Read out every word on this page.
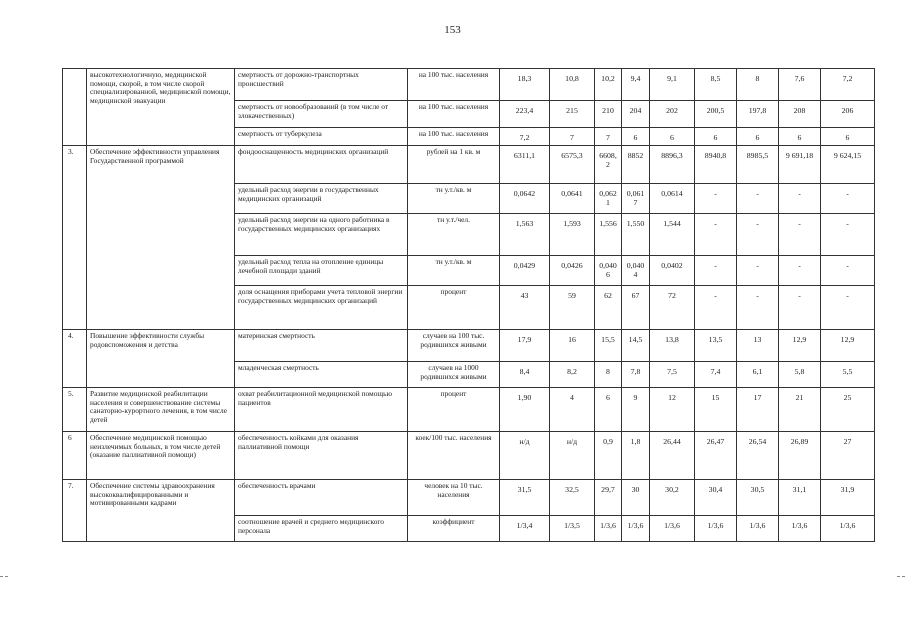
153
	высокотехнологичную, медицинской помощи, скорой, в том числе скорой специализированной, медицинской помощи, медицинской эвакуации	смертность от дорожно-транспортных происшествий	на 100 тыс. населения	18,3	10,8	10,2	9,4	9,1	8,5	8	7,6	7,2
		смертность от новообразований (в том числе от злокачественных)	на 100 тыс. населения	223,4	215	210	204	202	200,5	197,8	208	206
		смертность от туберкулеза	на 100 тыс. населения	7,2	7	7	6	6	6	6	6	6
3.	Обеспечение эффективности управления Государственной программой	фондооснащенность медицинских организаций	рублей на 1 кв. м	6311,1	6575,3	6608,2	8852	8896,3	8940,8	8985,5	9 691,18	9 624,15
		удельный расход энергии в государственных медицинских организаций	тн у.т./кв. м	0,0642	0,0641	0,0621	0,0617	0,0614	-	-	-	-
		удельный расход энергии на одного работника в государственных медицинских организациях	тн у.т./чел.	1,563	1,593	1,556	1,550	1,544	-	-	-	-
		удельный расход тепла на отопление единицы лечебной площади зданий	тн у.т./кв. м	0,0429	0,0426	0,0406	0,0404	0,0402	-	-	-	-
		доля оснащения приборами учета тепловой энергии государственных медицинских организаций	процент	43	59	62	67	72	-	-	-	-
4.	Повышение эффективности службы родовспоможения и детства	материнская смертность	случаев на 100 тыс. родившихся живыми	17,9	16	15,5	14,5	13,8	13,5	13	12,9	12,9
		младенческая смертность	случаев на 1000 родившихся живыми	8,4	8,2	8	7,8	7,5	7,4	6,1	5,8	5,5
5.	Развитие медицинской реабилитации населения и совершенствование системы санаторно-курортного лечения, в том числе детей	охват реабилитационной медицинской помощью пациентов	процент	1,90	4	6	9	12	15	17	21	25
6	Обеспечение медицинской помощью неизлечимых больных, в том числе детей (оказание паллиативной помощи)	обеспеченность койками для оказания паллиативной помощи	коек/100 тыс. населения	н/д	н/д	0,9	1,8	26,44	26,47	26,54	26,89	27
7.	Обеспечение системы здравоохранения высококвалифицированными и мотивированными кадрами	обеспеченность врачами	человек на 10 тыс. населения	31,5	32,5	29,7	30	30,2	30,4	30,5	31,1	31,9
		соотношение врачей и среднего медицинского персонала	коэффициент	1/3,4	1/3,5	1/3,6	1/3,6	1/3,6	1/3,6	1/3,6	1/3,6	1/3,6
